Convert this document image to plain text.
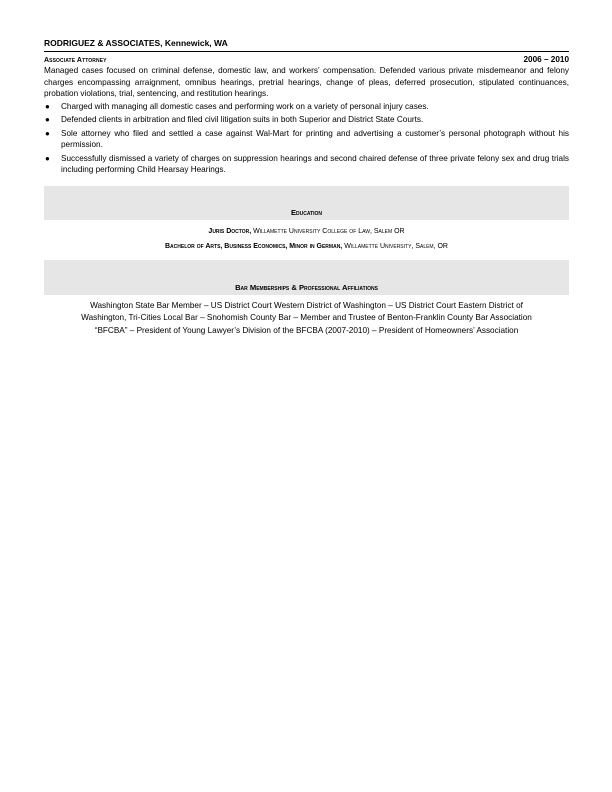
RODRIGUEZ & ASSOCIATES, Kennewick, WA
Associate Attorney	2006 – 2010
Managed cases focused on criminal defense, domestic law, and workers’ compensation. Defended various private misdemeanor and felony charges encompassing arraignment, omnibus hearings, pretrial hearings, change of pleas, deferred prosecution, stipulated continuances, probation violations, trial, sentencing, and restitution hearings.
● Charged with managing all domestic cases and performing work on a variety of personal injury cases.
● Defended clients in arbitration and filed civil litigation suits in both Superior and District State Courts.
● Sole attorney who filed and settled a case against Wal-Mart for printing and advertising a customer’s personal photograph without his permission.
● Successfully dismissed a variety of charges on suppression hearings and second chaired defense of three private felony sex and drug trials including performing Child Hearsay Hearings.
Education
Juris Doctor, Willamette University College of Law, Salem OR
Bachelor of Arts, Business Economics, Minor in German, Willamette University, Salem, OR
Bar Memberships & Professional Affiliations
Washington State Bar Member – US District Court Western District of Washington – US District Court Eastern District of
Washington, Tri-Cities Local Bar – Snohomish County Bar – Member and Trustee of Benton-Franklin County Bar Association
“BFCBA” – President of Young Lawyer’s Division of the BFCBA (2007-2010) – President of Homeowners’ Association
